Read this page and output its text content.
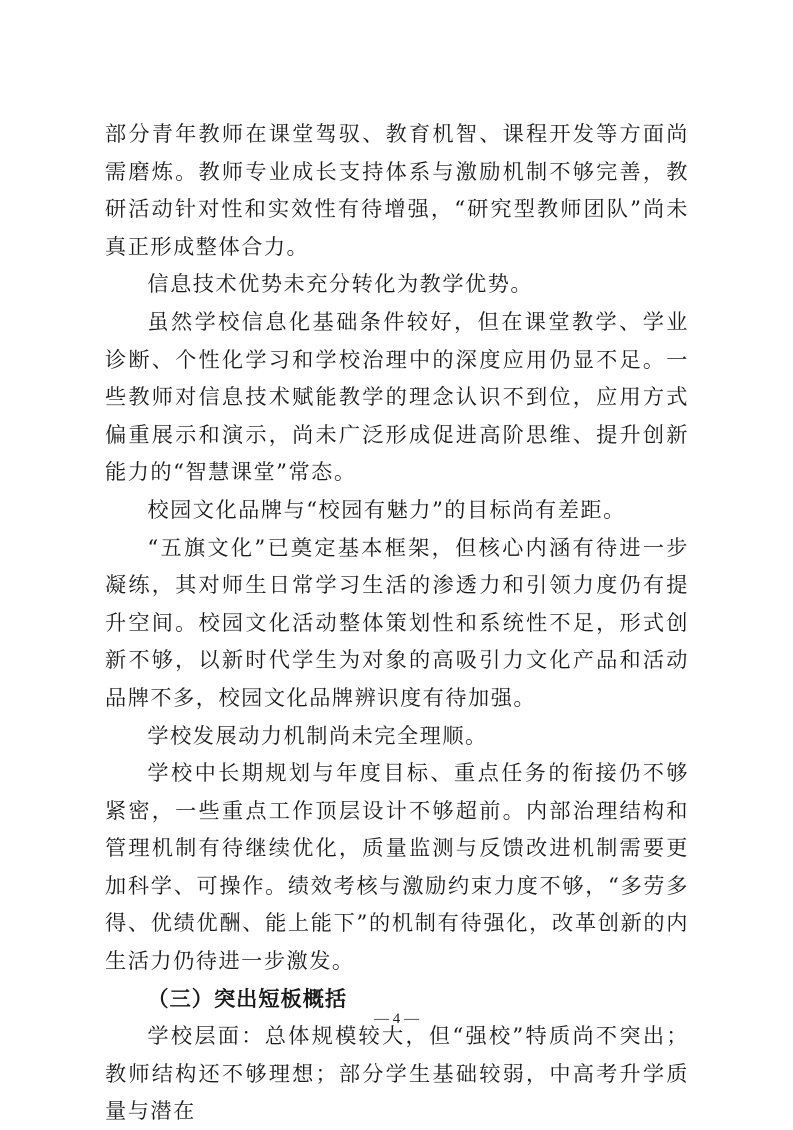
部分青年教师在课堂驾驭、教育机智、课程开发等方面尚需磨炼。教师专业成长支持体系与激励机制不够完善，教研活动针对性和实效性有待增强，“研究型教师团队”尚未真正形成整体合力。

信息技术优势未充分转化为教学优势。

虽然学校信息化基础条件较好，但在课堂教学、学业诊断、个性化学习和学校治理中的深度应用仍显不足。一些教师对信息技术赋能教学的理念认识不到位，应用方式偏重展示和演示，尚未广泛形成促进高阶思维、提升创新能力的“智慧课堂”常态。

校园文化品牌与“校园有魅力”的目标尚有差距。

“五旗文化”已奠定基本框架，但核心内涵有待进一步凝练，其对师生日常学习生活的渗透力和引领力度仍有提升空间。校园文化活动整体策划性和系统性不足，形式创新不够，以新时代学生为对象的高吸引力文化产品和活动品牌不多，校园文化品牌辨识度有待加强。

学校发展动力机制尚未完全理顺。

学校中长期规划与年度目标、重点任务的衔接仍不够紧密，一些重点工作顶层设计不够超前。内部治理结构和管理机制有待继续优化，质量监测与反馈改进机制需要更加科学、可操作。绩效考核与激励约束力度不够，“多劳多得、优绩优酬、能上能下”的机制有待强化，改革创新的内生活力仍待进一步激发。

（三）突出短板概括

学校层面：总体规模较大，但“强校”特质尚不突出；教师结构还不够理想；部分学生基础较弱，中高考升学质量与潜在

— 4 —
